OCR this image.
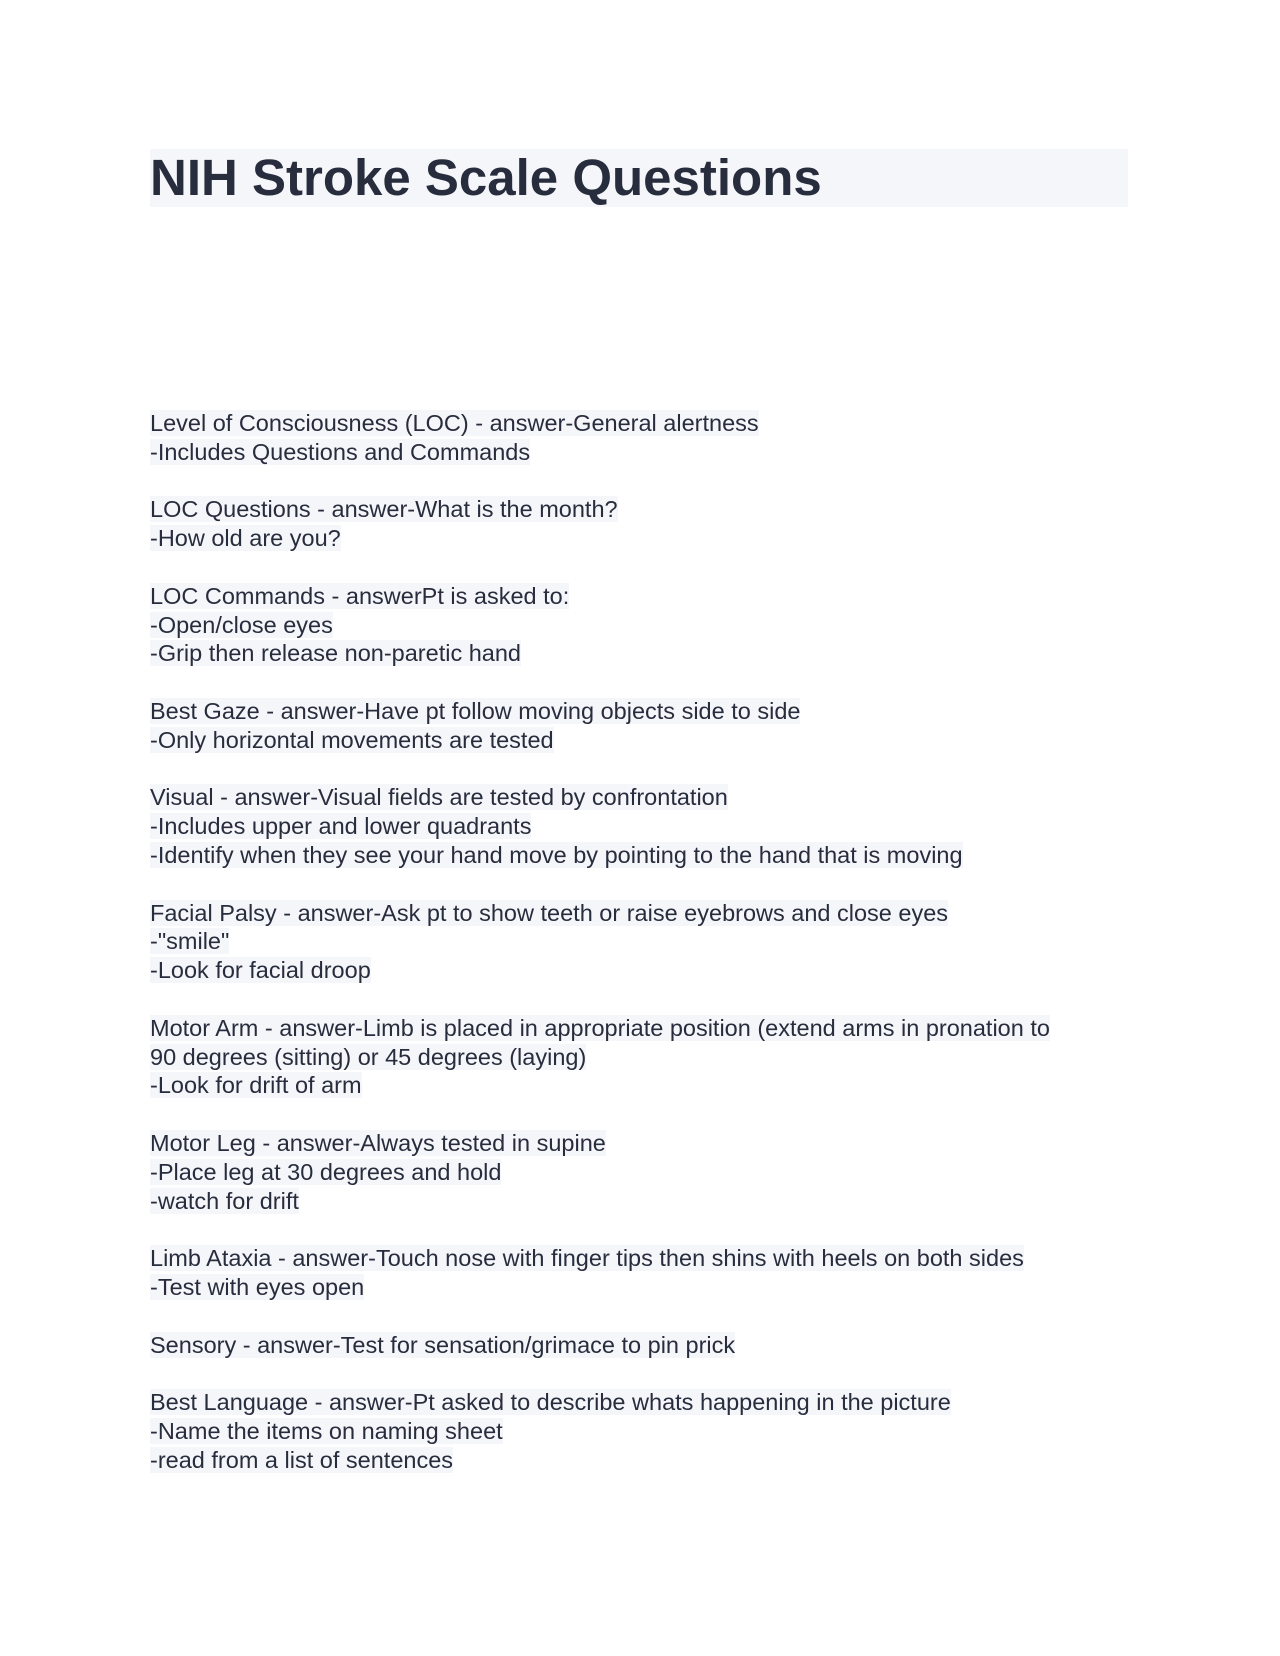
NIH Stroke Scale Questions

Level of Consciousness (LOC) - answer-General alertness
-Includes Questions and Commands

LOC Questions - answer-What is the month?
-How old are you?

LOC Commands - answerPt is asked to:
-Open/close eyes
-Grip then release non-paretic hand

Best Gaze - answer-Have pt follow moving objects side to side
-Only horizontal movements are tested

Visual - answer-Visual fields are tested by confrontation
-Includes upper and lower quadrants
-Identify when they see your hand move by pointing to the hand that is moving

Facial Palsy - answer-Ask pt to show teeth or raise eyebrows and close eyes
-"smile"
-Look for facial droop

Motor Arm - answer-Limb is placed in appropriate position (extend arms in pronation to
90 degrees (sitting) or 45 degrees (laying)
-Look for drift of arm

Motor Leg - answer-Always tested in supine
-Place leg at 30 degrees and hold
-watch for drift

Limb Ataxia - answer-Touch nose with finger tips then shins with heels on both sides
-Test with eyes open

Sensory - answer-Test for sensation/grimace to pin prick

Best Language - answer-Pt asked to describe whats happening in the picture
-Name the items on naming sheet
-read from a list of sentences
